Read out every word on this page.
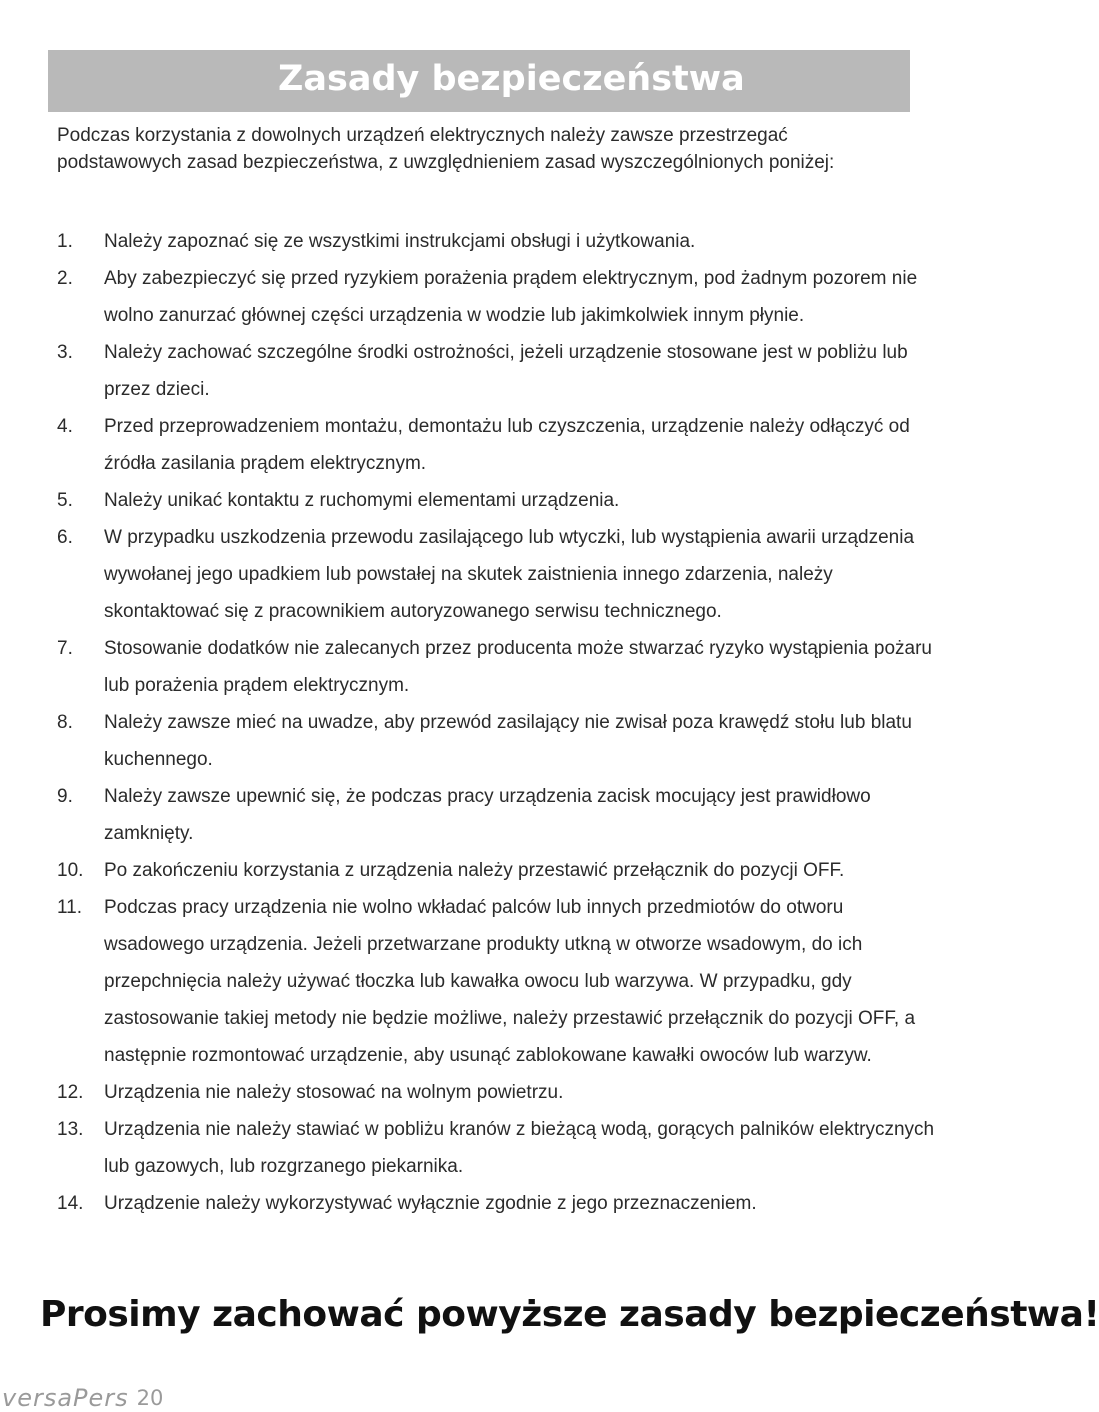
Zasady bezpieczeństwa
Podczas korzystania z dowolnych urządzeń elektrycznych należy zawsze przestrzegać podstawowych zasad bezpieczeństwa, z uwzględnieniem zasad wyszczególnionych poniżej:
1. Należy zapoznać się ze wszystkimi instrukcjami obsługi i użytkowania.
2. Aby zabezpieczyć się przed ryzykiem porażenia prądem elektrycznym, pod żadnym pozorem nie wolno zanurzać głównej części urządzenia w wodzie lub jakimkolwiek innym płynie.
3. Należy zachować szczególne środki ostrożności, jeżeli urządzenie stosowane jest w pobliżu lub przez dzieci.
4. Przed przeprowadzeniem montażu, demontażu lub czyszczenia, urządzenie należy odłączyć od źródła zasilania prądem elektrycznym.
5. Należy unikać kontaktu z ruchomymi elementami urządzenia.
6. W przypadku uszkodzenia przewodu zasilającego lub wtyczki, lub wystąpienia awarii urządzenia wywołanej jego upadkiem lub powstałej na skutek zaistnienia innego zdarzenia, należy skontaktować się z pracownikiem autoryzowanego serwisu technicznego.
7. Stosowanie dodatków nie zalecanych przez producenta może stwarzać ryzyko wystąpienia pożaru lub porażenia prądem elektrycznym.
8. Należy zawsze mieć na uwadze, aby przewód zasilający nie zwisał poza krawędź stołu lub blatu kuchennego.
9. Należy zawsze upewnić się, że podczas pracy urządzenia zacisk mocujący jest prawidłowo zamknięty.
10. Po zakończeniu korzystania z urządzenia należy przestawić przełącznik do pozycji OFF.
11. Podczas pracy urządzenia nie wolno wkładać palców lub innych przedmiotów do otworu wsadowego urządzenia. Jeżeli przetwarzane produkty utkną w otworze wsadowym, do ich przepchnięcia należy używać tłoczka lub kawałka owocu lub warzywa. W przypadku, gdy zastosowanie takiej metody nie będzie możliwe, należy przestawić przełącznik do pozycji OFF, a następnie rozmontować urządzenie, aby usunąć zablokowane kawałki owoców lub warzyw.
12. Urządzenia nie należy stosować na wolnym powietrzu.
13. Urządzenia nie należy stawiać w pobliżu kranów z bieżącą wodą, gorących palników elektrycznych lub gazowych, lub rozgrzanego piekarnika.
14. Urządzenie należy wykorzystywać wyłącznie zgodnie z jego przeznaczeniem.
Prosimy zachować powyższe zasady bezpieczeństwa!
versaPers 20
